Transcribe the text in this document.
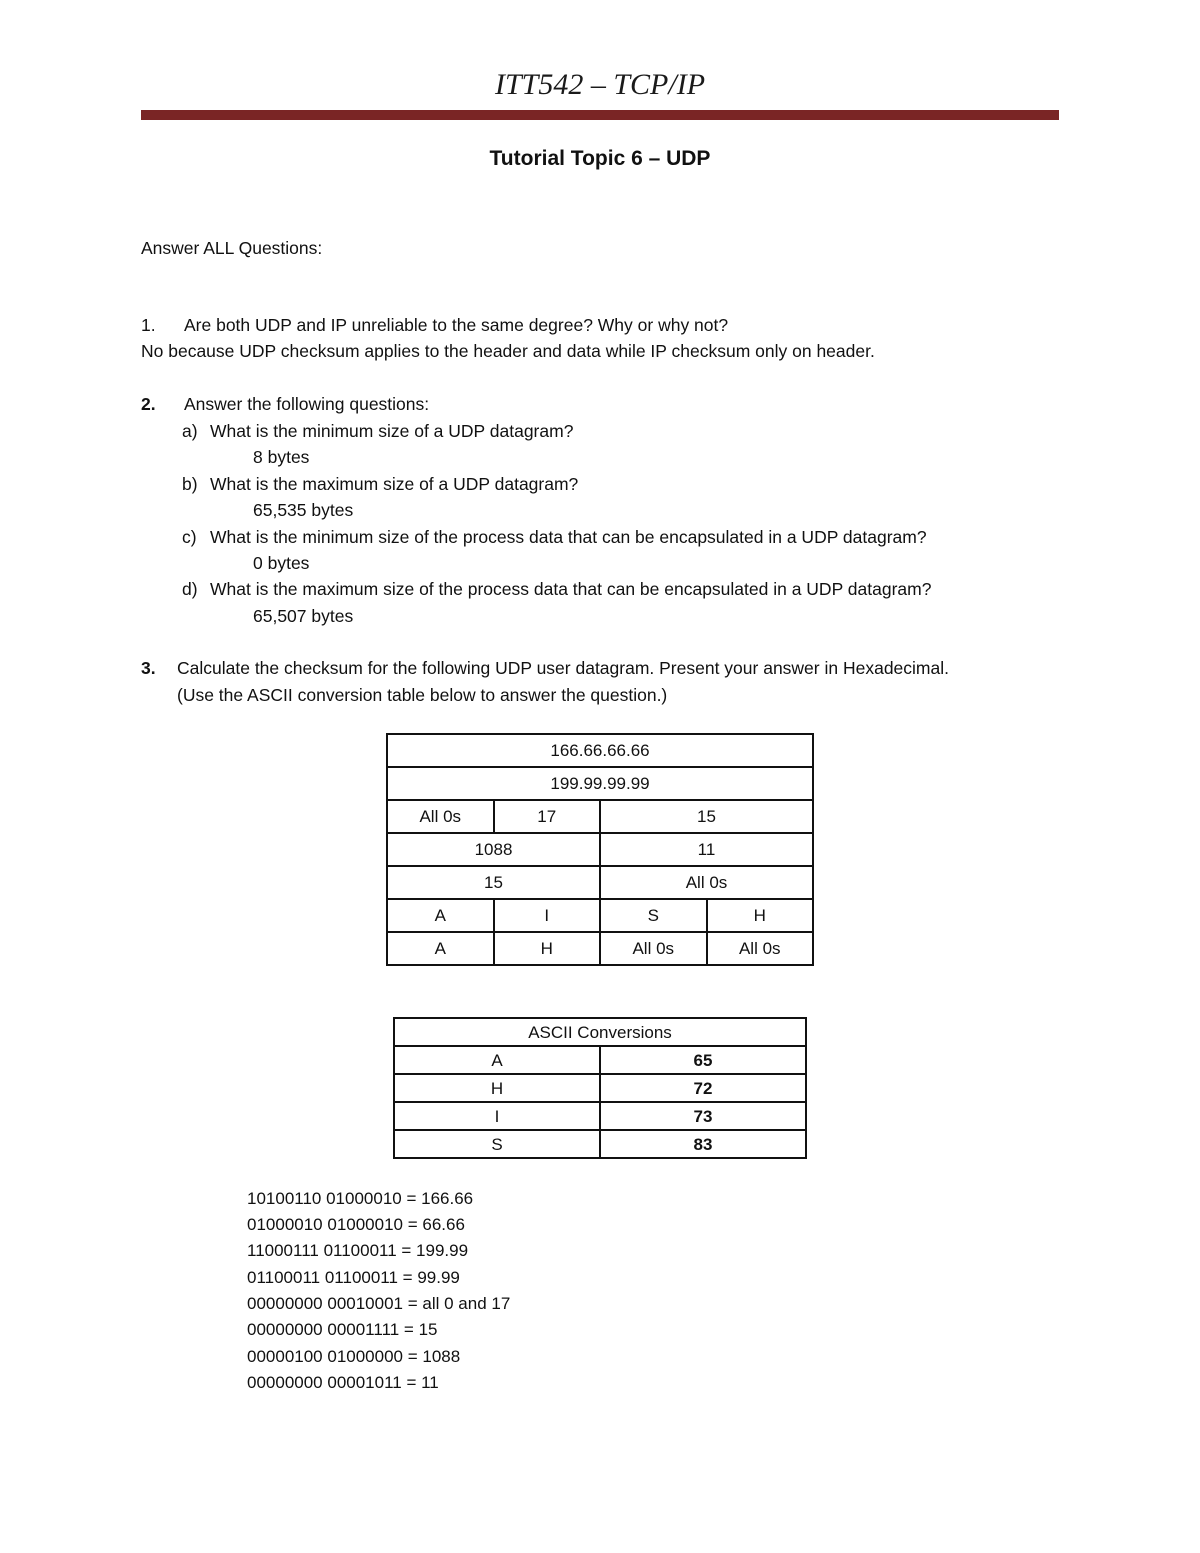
ITT542 – TCP/IP
Tutorial Topic 6 – UDP
Answer ALL Questions:
1. Are both UDP and IP unreliable to the same degree? Why or why not?
No because UDP checksum applies to the header and data while IP checksum only on header.
2. Answer the following questions:
a) What is the minimum size of a UDP datagram?
8 bytes
b) What is the maximum size of a UDP datagram?
65,535 bytes
c) What is the minimum size of the process data that can be encapsulated in a UDP datagram?
0 bytes
d) What is the maximum size of the process data that can be encapsulated in a UDP datagram?
65,507 bytes
3. Calculate the checksum for the following UDP user datagram. Present your answer in Hexadecimal.
(Use the ASCII conversion table below to answer the question.)
166.66.66.66			
199.99.99.99			
All 0s	17	15	
1088		11	
15		All 0s	
A	I	S	H
A	H	All 0s	All 0s
ASCII Conversions	
A	65
H	72
I	73
S	83
10100110 01000010 = 166.66
01000010 01000010 = 66.66
11000111 01100011 = 199.99
01100011 01100011 = 99.99
00000000 00010001 = all 0 and 17
00000000 00001111 = 15
00000100 01000000 = 1088
00000000 00001011 = 11
